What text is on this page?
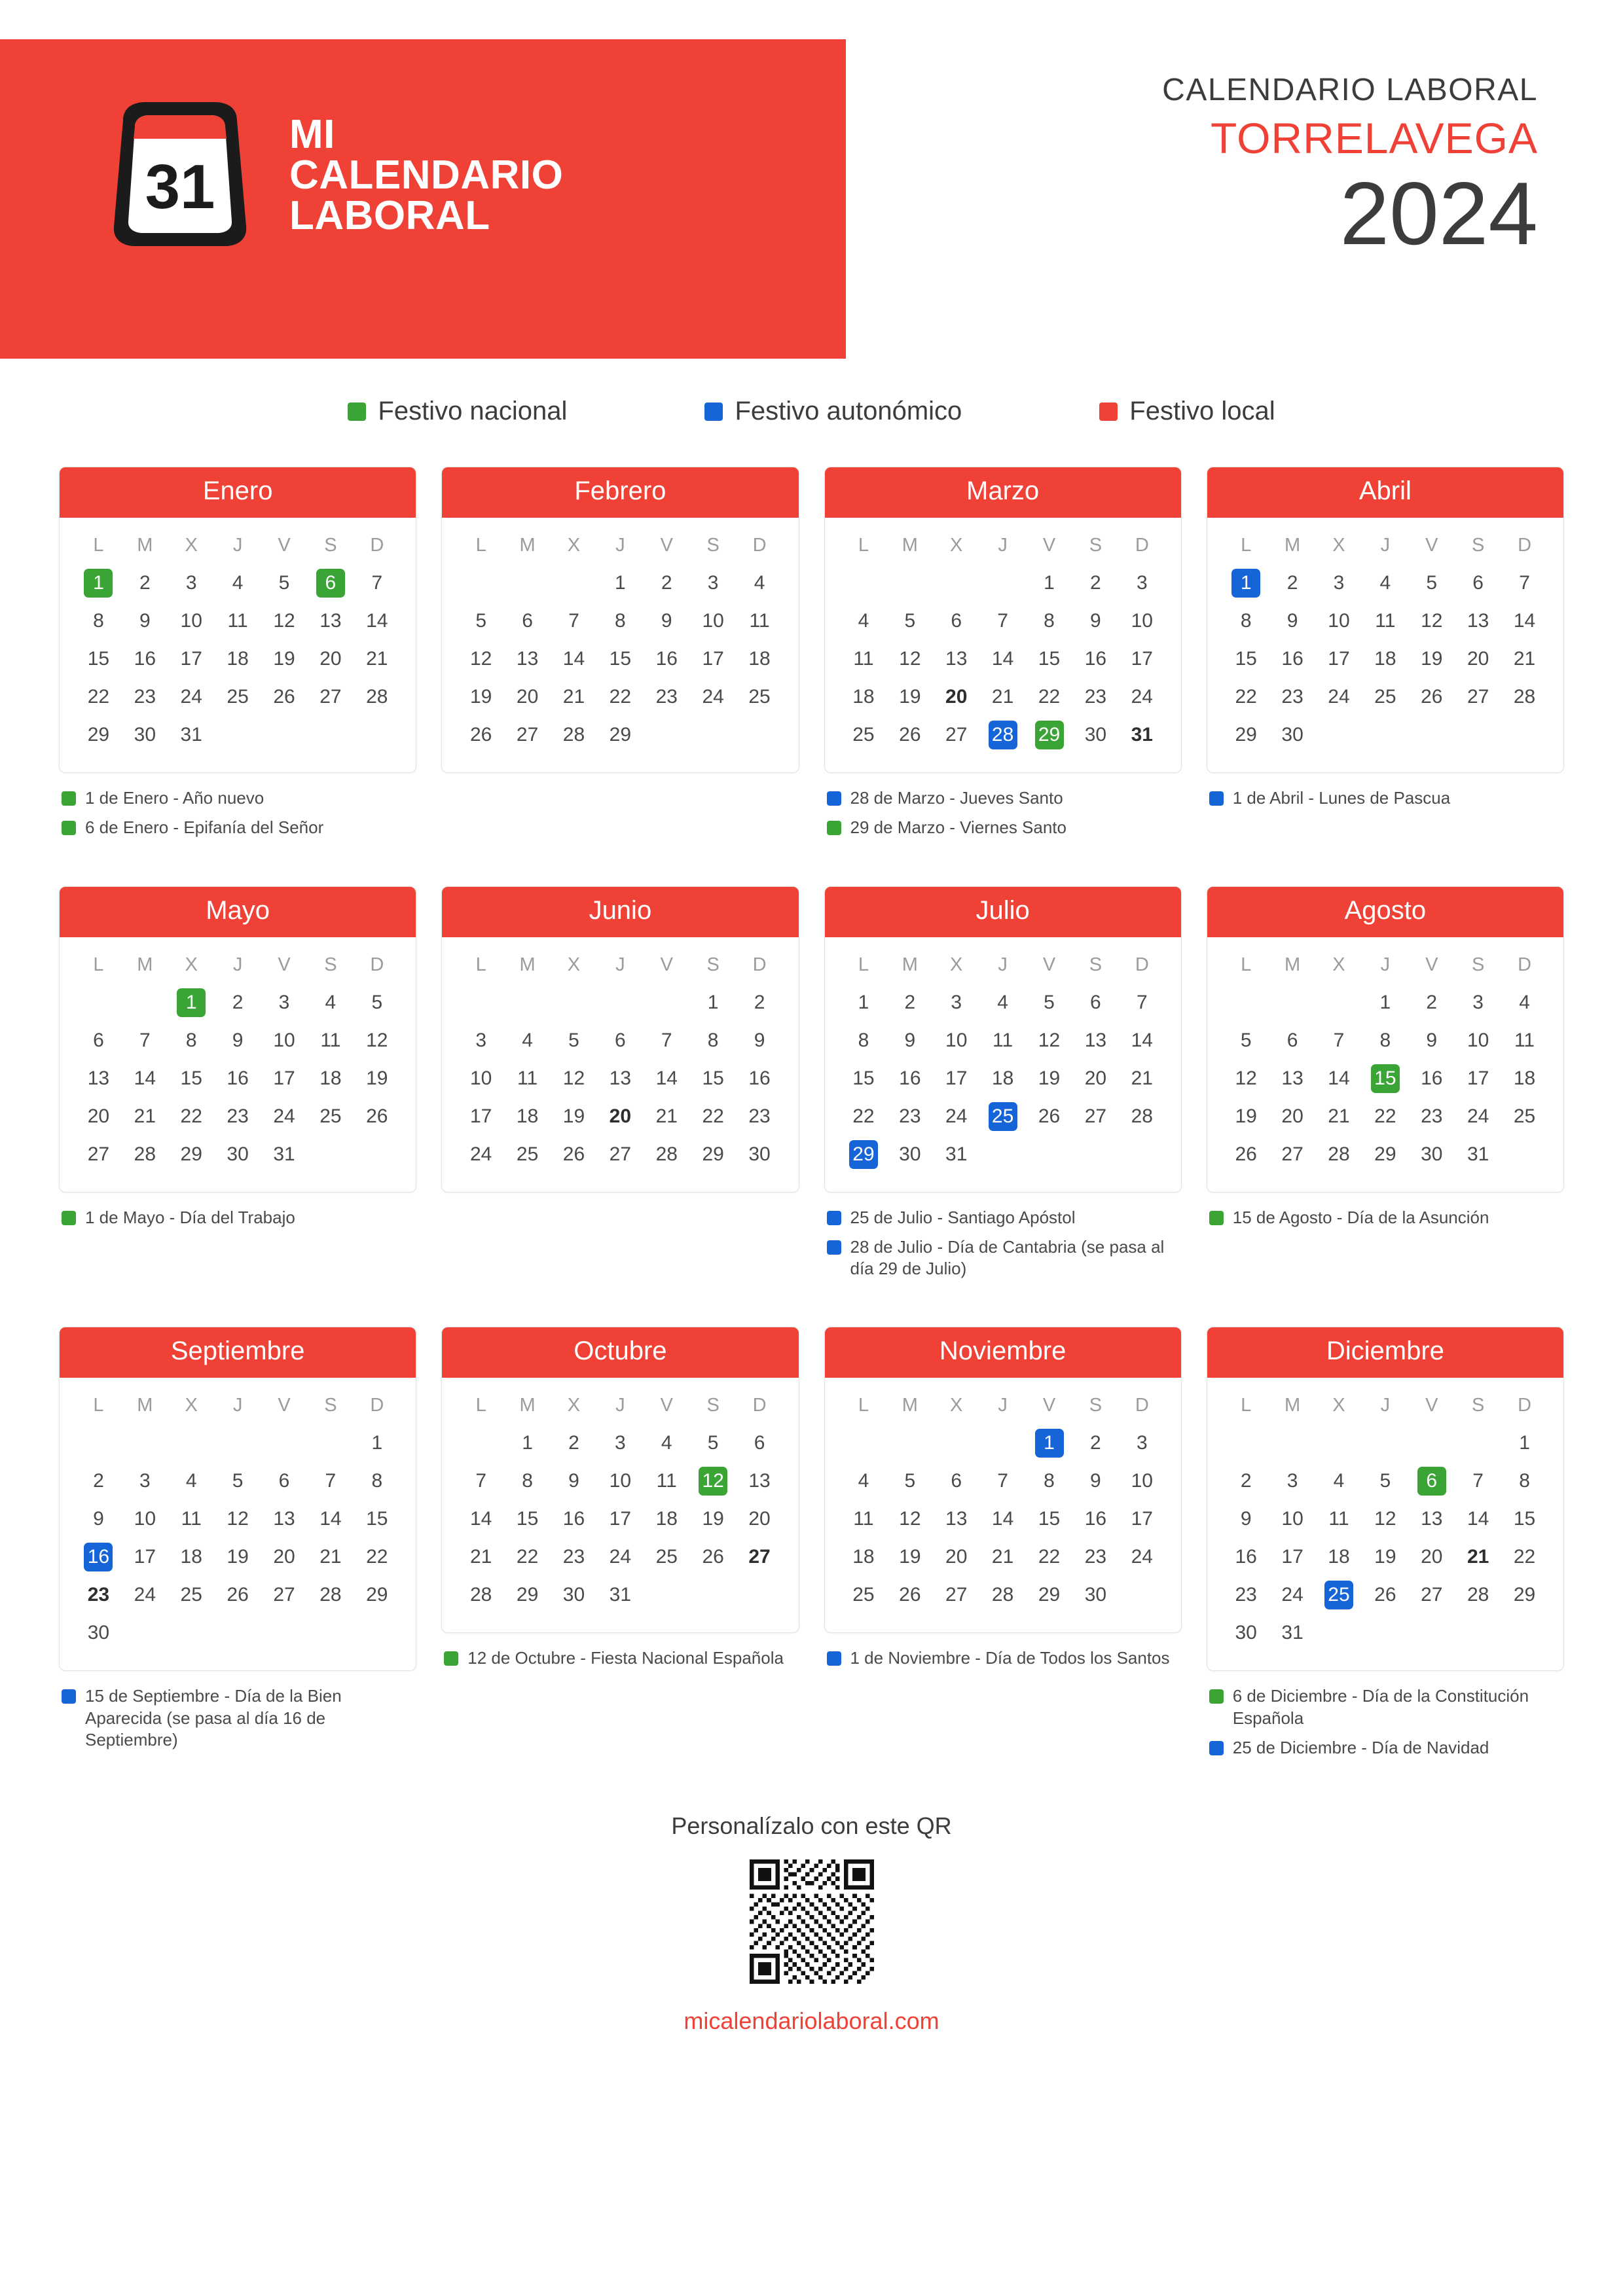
31
MI
CALENDARIO
LABORAL
CALENDARIO LABORAL
TORRELAVEGA
2024
Festivo nacional	Festivo autonómico	Festivo local
Enero
L	M	X	J	V	S	D
1	2	3	4	5	6	7
8	9	10	11	12	13	14
15	16	17	18	19	20	21
22	23	24	25	26	27	28
29	30	31				
1 de Enero - Año nuevo
6 de Enero - Epifanía del Señor
Febrero
L	M	X	J	V	S	D
			1	2	3	4
5	6	7	8	9	10	11
12	13	14	15	16	17	18
19	20	21	22	23	24	25
26	27	28	29			
Marzo
L	M	X	J	V	S	D
				1	2	3
4	5	6	7	8	9	10
11	12	13	14	15	16	17
18	19	20	21	22	23	24
25	26	27	28	29	30	31
28 de Marzo - Jueves Santo
29 de Marzo - Viernes Santo
Abril
L	M	X	J	V	S	D
1	2	3	4	5	6	7
8	9	10	11	12	13	14
15	16	17	18	19	20	21
22	23	24	25	26	27	28
29	30					
1 de Abril - Lunes de Pascua
Mayo
L	M	X	J	V	S	D
		1	2	3	4	5
6	7	8	9	10	11	12
13	14	15	16	17	18	19
20	21	22	23	24	25	26
27	28	29	30	31		
1 de Mayo - Día del Trabajo
Junio
L	M	X	J	V	S	D
					1	2
3	4	5	6	7	8	9
10	11	12	13	14	15	16
17	18	19	20	21	22	23
24	25	26	27	28	29	30
Julio
L	M	X	J	V	S	D
1	2	3	4	5	6	7
8	9	10	11	12	13	14
15	16	17	18	19	20	21
22	23	24	25	26	27	28
29	30	31				
25 de Julio - Santiago Apóstol
28 de Julio - Día de Cantabria (se pasa al día 29 de Julio)
Agosto
L	M	X	J	V	S	D
			1	2	3	4
5	6	7	8	9	10	11
12	13	14	15	16	17	18
19	20	21	22	23	24	25
26	27	28	29	30	31	
15 de Agosto - Día de la Asunción
Septiembre
L	M	X	J	V	S	D
						1
2	3	4	5	6	7	8
9	10	11	12	13	14	15
16	17	18	19	20	21	22
23	24	25	26	27	28	29
30						
15 de Septiembre - Día de la Bien Aparecida (se pasa al día 16 de Septiembre)
Octubre
L	M	X	J	V	S	D
	1	2	3	4	5	6
7	8	9	10	11	12	13
14	15	16	17	18	19	20
21	22	23	24	25	26	27
28	29	30	31			
12 de Octubre - Fiesta Nacional Española
Noviembre
L	M	X	J	V	S	D
				1	2	3
4	5	6	7	8	9	10
11	12	13	14	15	16	17
18	19	20	21	22	23	24
25	26	27	28	29	30	
1 de Noviembre - Día de Todos los Santos
Diciembre
L	M	X	J	V	S	D
						1
2	3	4	5	6	7	8
9	10	11	12	13	14	15
16	17	18	19	20	21	22
23	24	25	26	27	28	29
30	31					
6 de Diciembre - Día de la Constitución Española
25 de Diciembre - Día de Navidad
Personalízalo con este QR
micalendariolaboral.com
